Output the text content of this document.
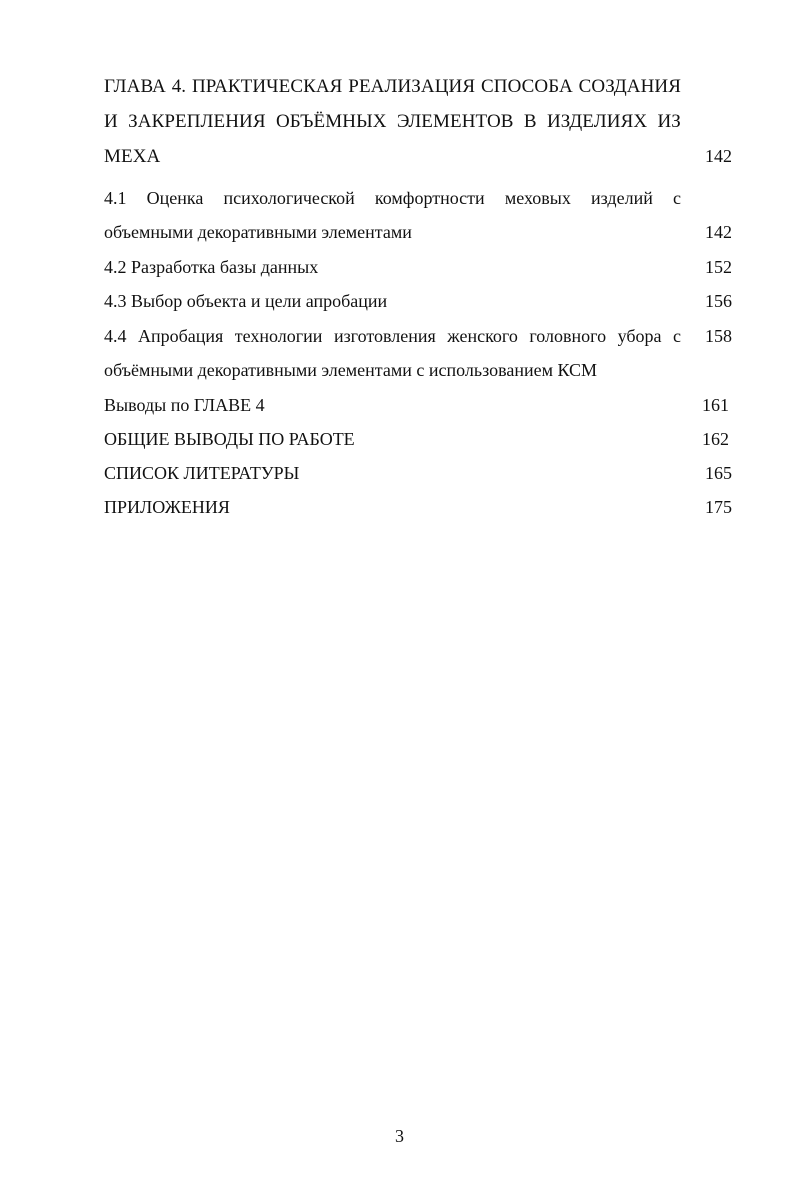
ГЛАВА 4. ПРАКТИЧЕСКАЯ РЕАЛИЗАЦИЯ СПОСОБА СОЗДАНИЯ
И ЗАКРЕПЛЕНИЯ ОБЪЁМНЫХ ЭЛЕМЕНТОВ В ИЗДЕЛИЯХ ИЗ
МЕХА	142
4.1 Оценка психологической комфортности меховых изделий с
объемными декоративными элементами	142
4.2 Разработка базы данных	152
4.3 Выбор объекта и цели апробации	156
4.4 Апробация технологии изготовления женского головного убора с 158
объёмными декоративными элементами с использованием КСМ
Выводы по ГЛАВЕ 4	161
ОБЩИЕ ВЫВОДЫ ПО РАБОТЕ	162
СПИСОК ЛИТЕРАТУРЫ	165
ПРИЛОЖЕНИЯ	175
3
